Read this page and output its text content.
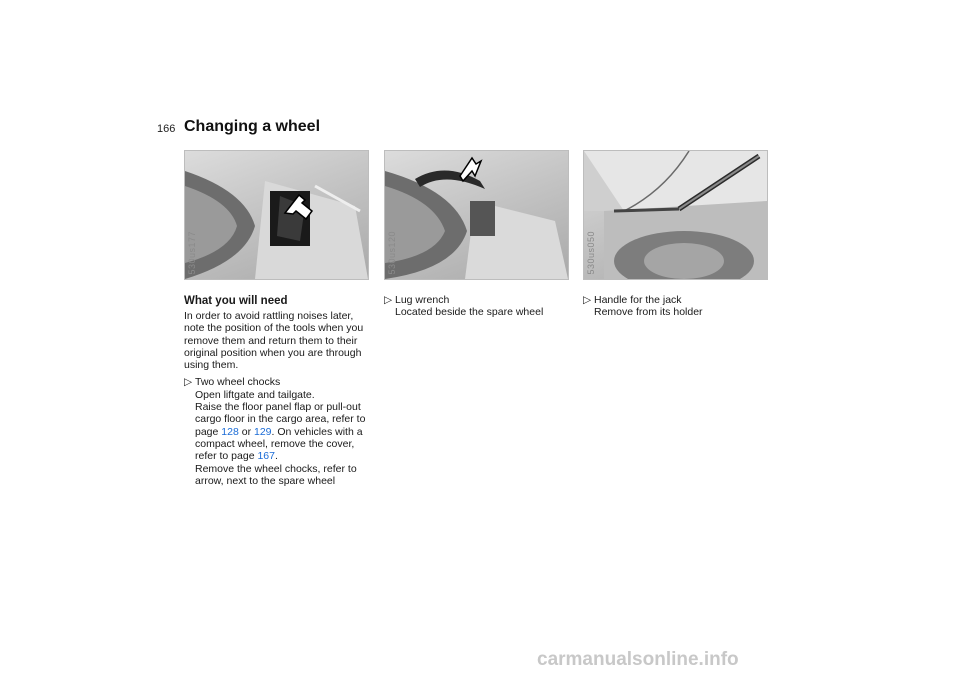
166 Changing a wheel
530us177	530us120	530us050
What you will need

In order to avoid rattling noises later,
note the position of the tools when you
remove them and return them to their
original position when you are through
using them.

▷ Two wheel chocks
Open liftgate and tailgate.
Raise the floor panel flap or pull-out
cargo floor in the cargo area, refer to
page 128 or 129. On vehicles with a
compact wheel, remove the cover,
refer to page 167.
Remove the wheel chocks, refer to
arrow, next to the spare wheel
▷ Lug wrench
Located beside the spare wheel
▷ Handle for the jack
Remove from its holder
carmanualsonline.info
